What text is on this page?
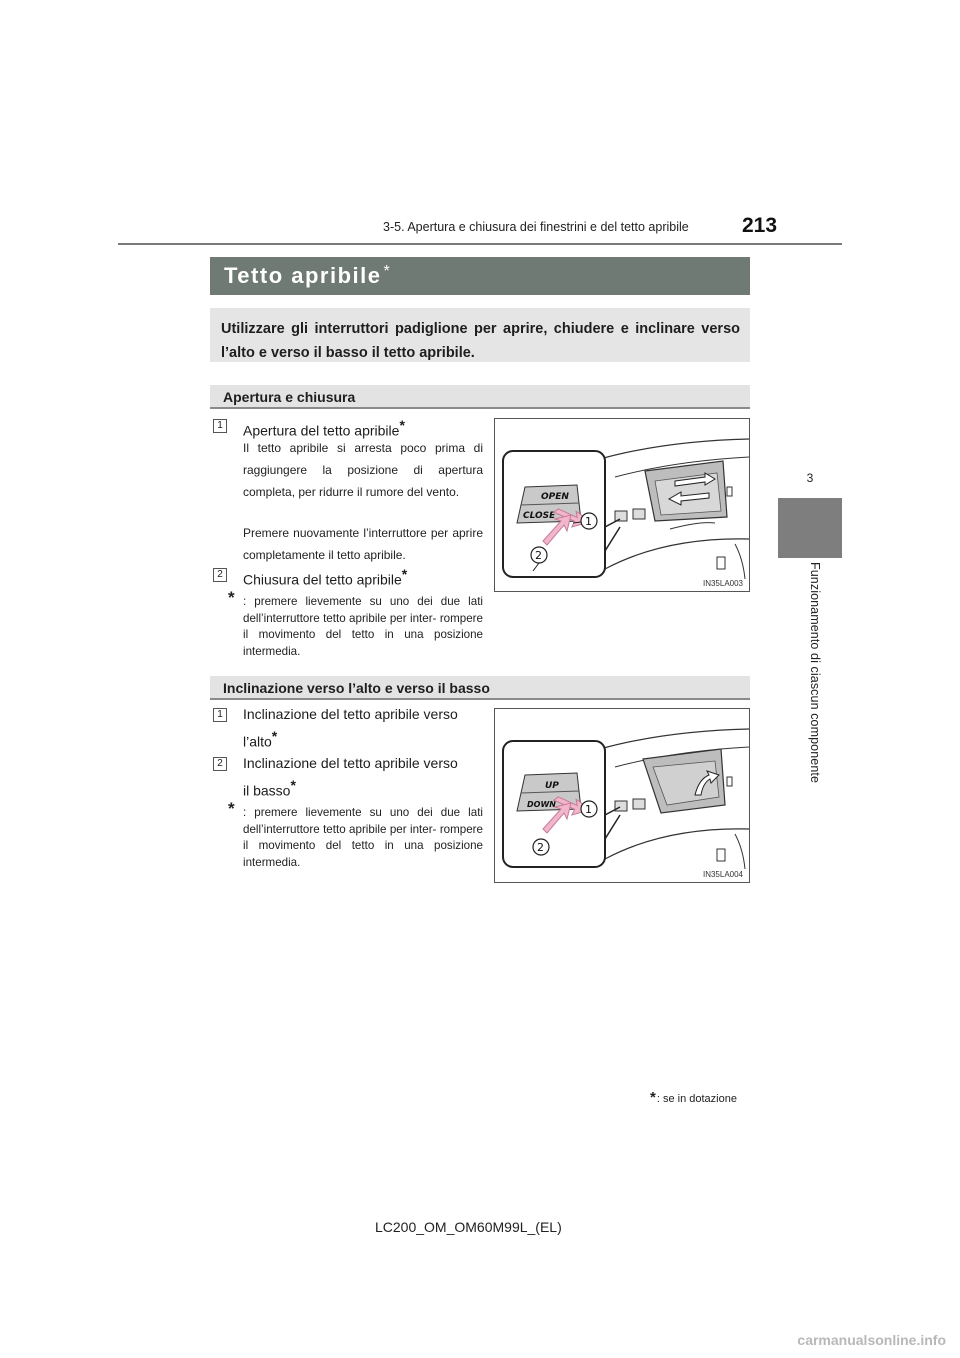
3-5. Apertura e chiusura dei finestrini e del tetto apribile	213
3
Funzionamento di ciascun componente
Tetto apribile *
Utilizzare gli interruttori padiglione per aprire, chiudere e inclinare verso l’alto e verso il basso il tetto apribile.
Apertura e chiusura
1	Apertura del tetto apribile*
Il tetto apribile si arresta poco prima di raggiungere la posizione di apertura completa, per ridurre il rumore del vento.
Premere nuovamente l’interruttore per aprire completamente il tetto apribile.
2	Chiusura del tetto apribile*
* : premere lievemente su uno dei due lati dell’interruttore tetto apribile per inter- rompere il movimento del tetto in una posizione intermedia.
OPEN
CLOSE	1
2
IN35LA003
Inclinazione verso l’alto e verso il basso
1	Inclinazione del tetto apribile verso
l’alto*
2	Inclinazione del tetto apribile verso
il basso*
* : premere lievemente su uno dei due lati dell’interruttore tetto apribile per inter- rompere il movimento del tetto in una posizione intermedia.
UP
DOWN	1
2
IN35LA004
*: se in dotazione
LC200_OM_OM60M99L_(EL)
carmanualsonline.info
